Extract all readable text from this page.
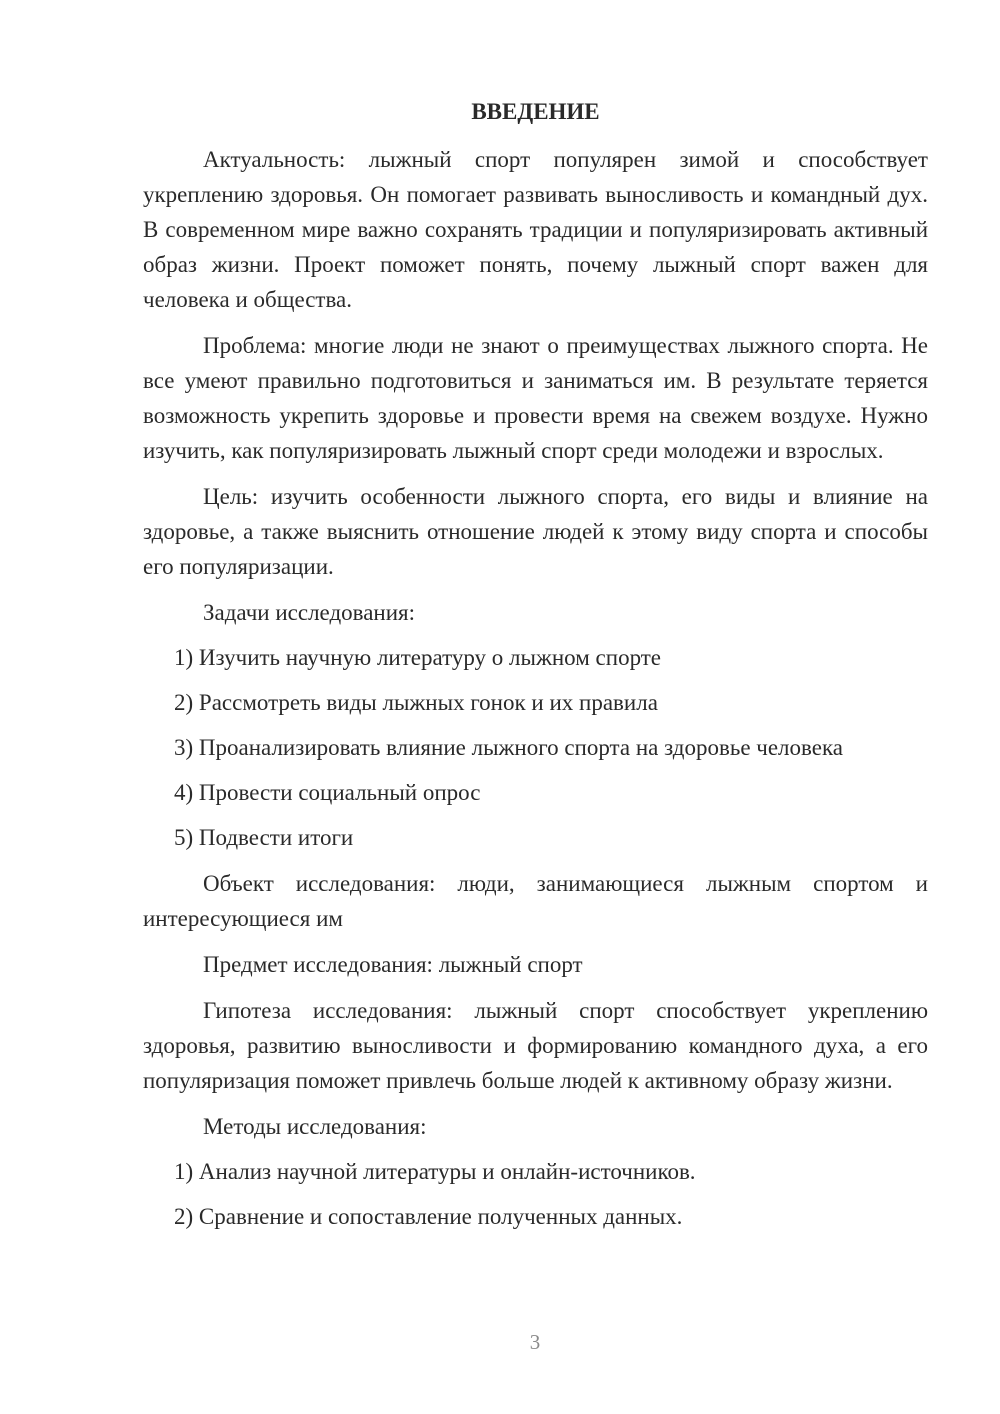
ВВЕДЕНИЕ

Актуальность: лыжный спорт популярен зимой и способствует укреплению здоровья. Он помогает развивать выносливость и командный дух. В современном мире важно сохранять традиции и популяризировать активный образ жизни. Проект поможет понять, почему лыжный спорт важен для человека и общества.

Проблема: многие люди не знают о преимуществах лыжного спорта. Не все умеют правильно подготовиться и заниматься им. В результате теряется возможность укрепить здоровье и провести время на свежем воздухе. Нужно изучить, как популяризировать лыжный спорт среди молодежи и взрослых.

Цель: изучить особенности лыжного спорта, его виды и влияние на здоровье, а также выяснить отношение людей к этому виду спорта и способы его популяризации.

Задачи исследования:

1) Изучить научную литературу о лыжном спорте

2) Рассмотреть виды лыжных гонок и их правила

3) Проанализировать влияние лыжного спорта на здоровье человека

4) Провести социальный опрос

5) Подвести итоги

Объект исследования: люди, занимающиеся лыжным спортом и интересующиеся им

Предмет исследования: лыжный спорт

Гипотеза исследования: лыжный спорт способствует укреплению здоровья, развитию выносливости и формированию командного духа, а его популяризация поможет привлечь больше людей к активному образу жизни.

Методы исследования:

1) Анализ научной литературы и онлайн-источников.

2) Сравнение и сопоставление полученных данных.

3
